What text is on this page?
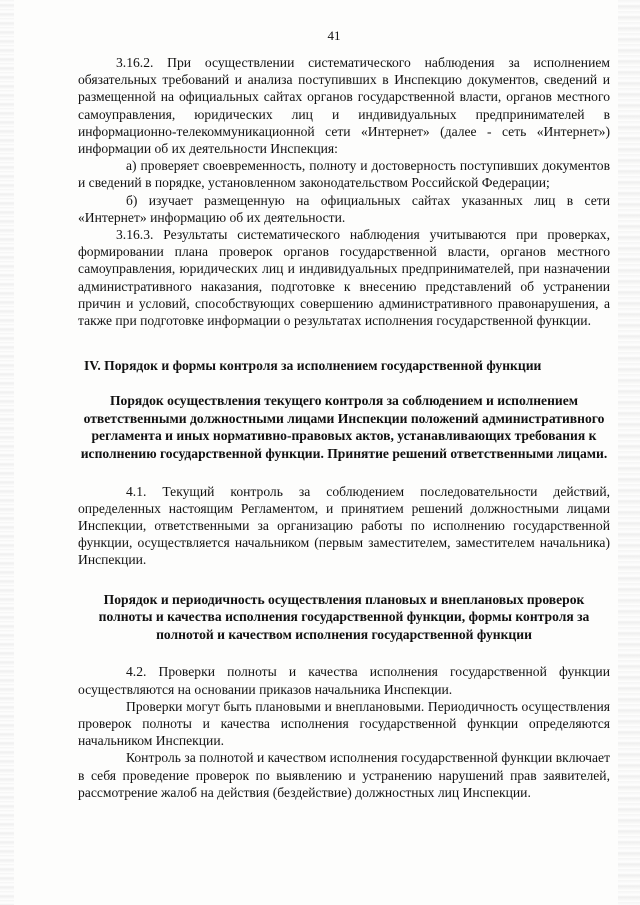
41

3.16.2. При осуществлении систематического наблюдения за исполнением обязательных требований и анализа поступивших в Инспекцию документов, сведений и размещенной на официальных сайтах органов государственной власти, органов местного самоуправления, юридических лиц и индивидуальных предпринимателей в информационно-телекоммуникационной сети «Интернет» (далее - сеть «Интернет») информации об их деятельности Инспекция:

а) проверяет своевременность, полноту и достоверность поступивших документов и сведений в порядке, установленном законодательством Российской Федерации;

б) изучает размещенную на официальных сайтах указанных лиц в сети «Интернет» информацию об их деятельности.

3.16.3. Результаты систематического наблюдения учитываются при проверках, формировании плана проверок органов государственной власти, органов местного самоуправления, юридических лиц и индивидуальных предпринимателей, при назначении административного наказания, подготовке к внесению представлений об устранении причин и условий, способствующих совершению административного правонарушения, а также при подготовке информации о результатах исполнения государственной функции.

IV. Порядок и формы контроля за исполнением государственной функции
Порядок осуществления текущего контроля за соблюдением и исполнением ответственными должностными лицами Инспекции положений административного регламента и иных нормативно-правовых актов, устанавливающих требования к исполнению государственной функции. Принятие решений ответственными лицами.

4.1. Текущий контроль за соблюдением последовательности действий, определенных настоящим Регламентом, и принятием решений должностными лицами Инспекции, ответственными за организацию работы по исполнению государственной функции, осуществляется начальником (первым заместителем, заместителем начальника) Инспекции.

Порядок и периодичность осуществления плановых и внеплановых проверок полноты и качества исполнения государственной функции, формы контроля за полнотой и качеством исполнения государственной функции

4.2. Проверки полноты и качества исполнения государственной функции осуществляются на основании приказов начальника Инспекции.

Проверки могут быть плановыми и внеплановыми. Периодичность осуществления проверок полноты и качества исполнения государственной функции определяются начальником Инспекции.

Контроль за полнотой и качеством исполнения государственной функции включает в себя проведение проверок по выявлению и устранению нарушений прав заявителей, рассмотрение жалоб на действия (бездействие) должностных лиц Инспекции.
